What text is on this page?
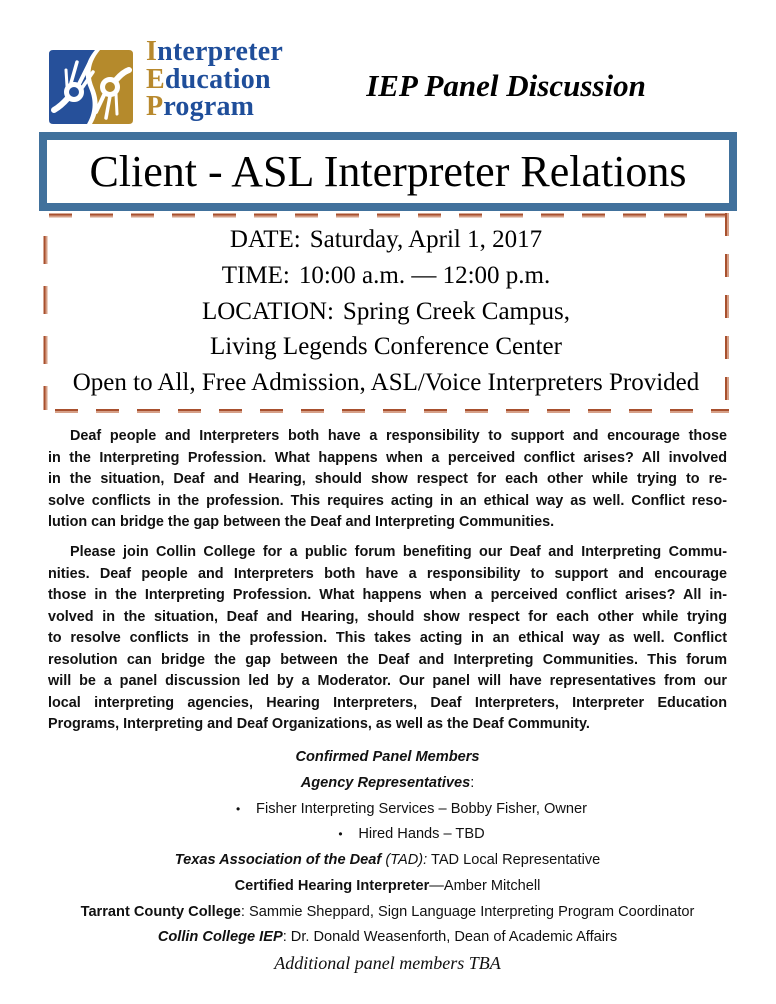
Interpreter
Education
Program
IEP Panel Discussion
Client - ASL Interpreter Relations
DATE: Saturday, April 1, 2017
TIME: 10:00 a.m. — 12:00 p.m.
LOCATION: Spring Creek Campus,
Living Legends Conference Center
Open to All, Free Admission, ASL/Voice Interpreters Provided
Deaf people and Interpreters both have a responsibility to support and encourage those
in the Interpreting Profession. What happens when a perceived conflict arises? All involved
in the situation, Deaf and Hearing, should show respect for each other while trying to re-
solve conflicts in the profession. This requires acting in an ethical way as well. Conflict reso-
lution can bridge the gap between the Deaf and Interpreting Communities.
Please join Collin College for a public forum benefiting our Deaf and Interpreting Commu-
nities. Deaf people and Interpreters both have a responsibility to support and encourage
those in the Interpreting Profession. What happens when a perceived conflict arises? All in-
volved in the situation, Deaf and Hearing, should show respect for each other while trying
to resolve conflicts in the profession. This takes acting in an ethical way as well. Conflict
resolution can bridge the gap between the Deaf and Interpreting Communities. This forum
will be a panel discussion led by a Moderator. Our panel will have representatives from our
local interpreting agencies, Hearing Interpreters, Deaf Interpreters, Interpreter Education
Programs, Interpreting and Deaf Organizations, as well as the Deaf Community.
Confirmed Panel Members
Agency Representatives:
•Fisher Interpreting Services – Bobby Fisher, Owner
•Hired Hands – TBD
Texas Association of the Deaf (TAD): TAD Local Representative
Certified Hearing Interpreter—Amber Mitchell
Tarrant County College: Sammie Sheppard, Sign Language Interpreting Program Coordinator
Collin College IEP: Dr. Donald Weasenforth, Dean of Academic Affairs
Additional panel members TBA
